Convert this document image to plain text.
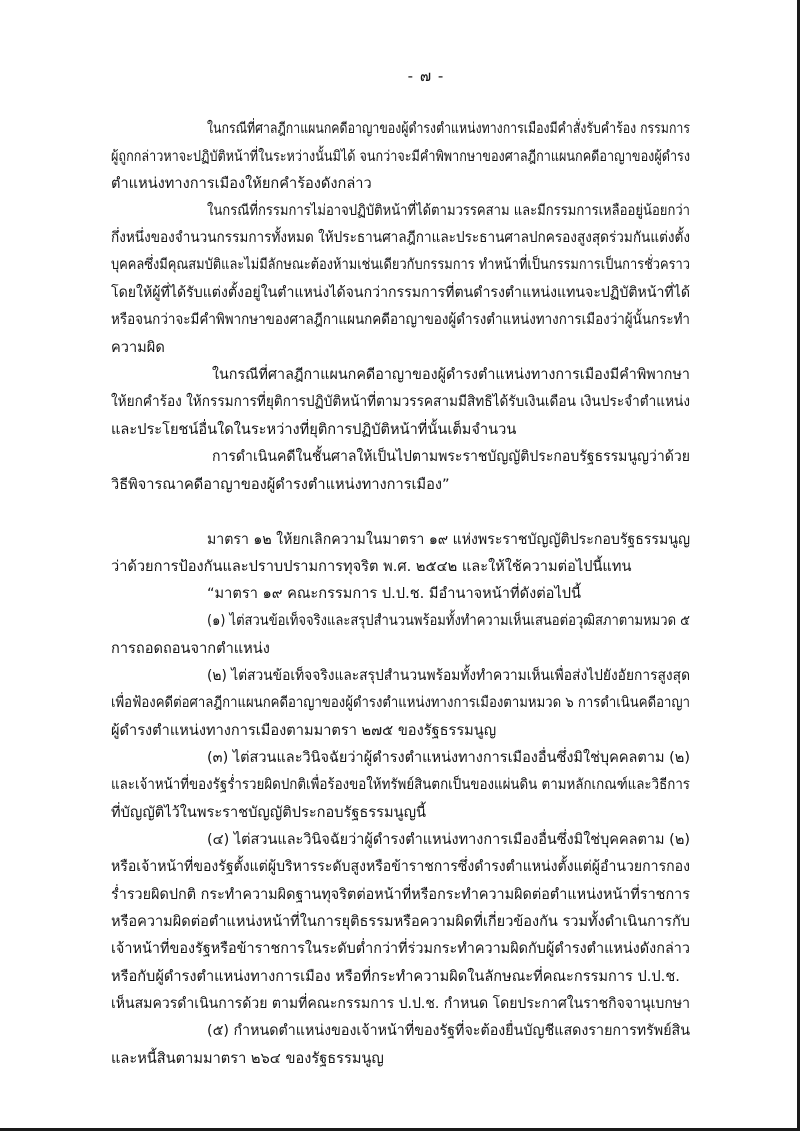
- ๗ -
ในกรณีที่ศาลฎีกาแผนกคดีอาญาของผู้ดำรงตำแหน่งทางการเมืองมีคำสั่งรับคำร้อง กรรมการ
ผู้ถูกกล่าวหาจะปฏิบัติหน้าที่ในระหว่างนั้นมิได้ จนกว่าจะมีคำพิพากษาของศาลฎีกาแผนกคดีอาญาของผู้ดำรง
ตำแหน่งทางการเมืองให้ยกคำร้องดังกล่าว
ในกรณีที่กรรมการไม่อาจปฏิบัติหน้าที่ได้ตามวรรคสาม และมีกรรมการเหลืออยู่น้อยกว่า
กึ่งหนึ่งของจำนวนกรรมการทั้งหมด ให้ประธานศาลฎีกาและประธานศาลปกครองสูงสุดร่วมกันแต่งตั้ง
บุคคลซึ่งมีคุณสมบัติและไม่มีลักษณะต้องห้ามเช่นเดียวกับกรรมการ ทำหน้าที่เป็นกรรมการเป็นการชั่วคราว
โดยให้ผู้ที่ได้รับแต่งตั้งอยู่ในตำแหน่งได้จนกว่ากรรมการที่ตนดำรงตำแหน่งแทนจะปฏิบัติหน้าที่ได้
หรือจนกว่าจะมีคำพิพากษาของศาลฎีกาแผนกคดีอาญาของผู้ดำรงตำแหน่งทางการเมืองว่าผู้นั้นกระทำ
ความผิด
ในกรณีที่ศาลฎีกาแผนกคดีอาญาของผู้ดำรงตำแหน่งทางการเมืองมีคำพิพากษา
ให้ยกคำร้อง ให้กรรมการที่ยุติการปฏิบัติหน้าที่ตามวรรคสามมีสิทธิได้รับเงินเดือน เงินประจำตำแหน่ง
และประโยชน์อื่นใดในระหว่างที่ยุติการปฏิบัติหน้าที่นั้นเต็มจำนวน
การดำเนินคดีในชั้นศาลให้เป็นไปตามพระราชบัญญัติประกอบรัฐธรรมนูญว่าด้วย
วิธีพิจารณาคดีอาญาของผู้ดำรงตำแหน่งทางการเมือง”
มาตรา ๑๒ ให้ยกเลิกความในมาตรา ๑๙ แห่งพระราชบัญญัติประกอบรัฐธรรมนูญ
ว่าด้วยการป้องกันและปราบปรามการทุจริต พ.ศ. ๒๕๔๒ และให้ใช้ความต่อไปนี้แทน
“มาตรา ๑๙ คณะกรรมการ ป.ป.ช. มีอำนาจหน้าที่ดังต่อไปนี้
(๑) ไต่สวนข้อเท็จจริงและสรุปสำนวนพร้อมทั้งทำความเห็นเสนอต่อวุฒิสภาตามหมวด ๕
การถอดถอนจากตำแหน่ง
(๒) ไต่สวนข้อเท็จจริงและสรุปสำนวนพร้อมทั้งทำความเห็นเพื่อส่งไปยังอัยการสูงสุด
เพื่อฟ้องคดีต่อศาลฎีกาแผนกคดีอาญาของผู้ดำรงตำแหน่งทางการเมืองตามหมวด ๖ การดำเนินคดีอาญา
ผู้ดำรงตำแหน่งทางการเมืองตามมาตรา ๒๗๕ ของรัฐธรรมนูญ
(๓) ไต่สวนและวินิจฉัยว่าผู้ดำรงตำแหน่งทางการเมืองอื่นซึ่งมิใช่บุคคลตาม (๒)
และเจ้าหน้าที่ของรัฐร่ำรวยผิดปกติเพื่อร้องขอให้ทรัพย์สินตกเป็นของแผ่นดิน ตามหลักเกณฑ์และวิธีการ
ที่บัญญัติไว้ในพระราชบัญญัติประกอบรัฐธรรมนูญนี้
(๔) ไต่สวนและวินิจฉัยว่าผู้ดำรงตำแหน่งทางการเมืองอื่นซึ่งมิใช่บุคคลตาม (๒)
หรือเจ้าหน้าที่ของรัฐตั้งแต่ผู้บริหารระดับสูงหรือข้าราชการซึ่งดำรงตำแหน่งตั้งแต่ผู้อำนวยการกอง
ร่ำรวยผิดปกติ กระทำความผิดฐานทุจริตต่อหน้าที่หรือกระทำความผิดต่อตำแหน่งหน้าที่ราชการ
หรือความผิดต่อตำแหน่งหน้าที่ในการยุติธรรมหรือความผิดที่เกี่ยวข้องกัน รวมทั้งดำเนินการกับ
เจ้าหน้าที่ของรัฐหรือข้าราชการในระดับต่ำกว่าที่ร่วมกระทำความผิดกับผู้ดำรงตำแหน่งดังกล่าว
หรือกับผู้ดำรงตำแหน่งทางการเมือง หรือที่กระทำความผิดในลักษณะที่คณะกรรมการ ป.ป.ช.
เห็นสมควรดำเนินการด้วย ตามที่คณะกรรมการ ป.ป.ช. กำหนด โดยประกาศในราชกิจจานุเบกษา
(๕) กำหนดตำแหน่งของเจ้าหน้าที่ของรัฐที่จะต้องยื่นบัญชีแสดงรายการทรัพย์สิน
และหนี้สินตามมาตรา ๒๖๔ ของรัฐธรรมนูญ
